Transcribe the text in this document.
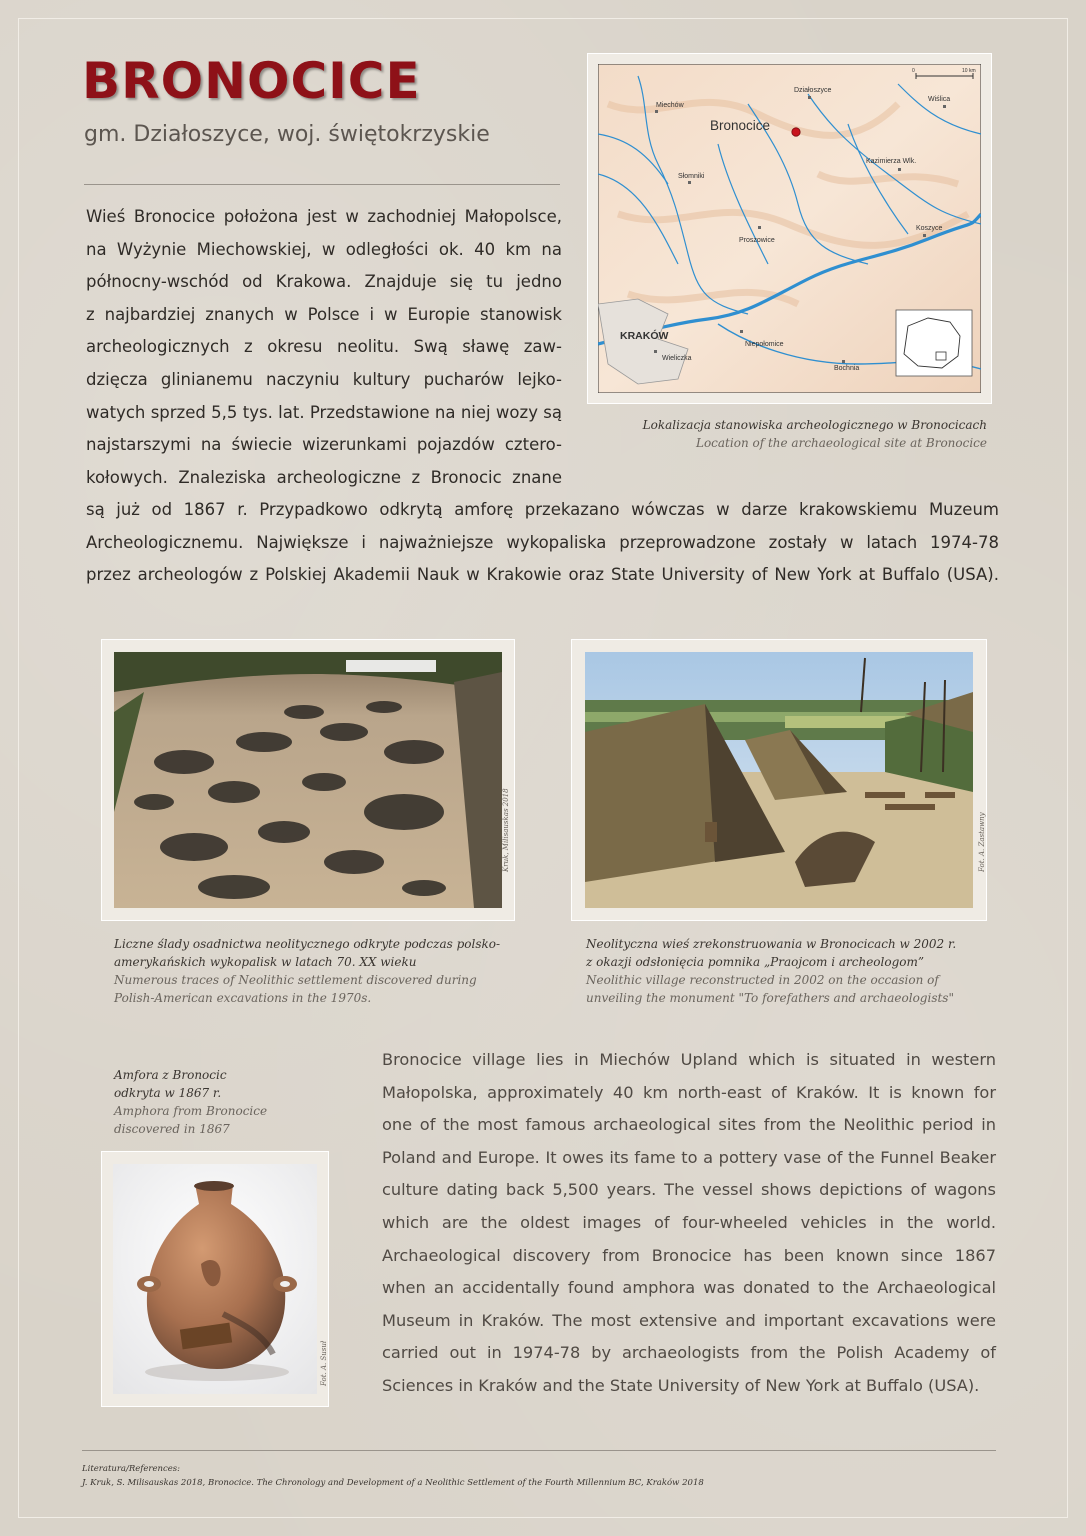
BRONOCICE
gm. Działoszyce, woj. świętokrzyskie
Wieś Bronocice położona jest w zachodniej Małopolsce,
na Wyżynie Miechowskiej, w odległości ok. 40 km na
północny-wschód od Krakowa. Znajduje się tu jedno
z najbardziej znanych w Polsce i w Europie stanowisk
archeologicznych z okresu neolitu. Swą sławę zaw-
dzięcza glinianemu naczyniu kultury pucharów lejko-
watych sprzed 5,5 tys. lat. Przedstawione na niej wozy są
najstarszymi na świecie wizerunkami pojazdów cztero-
kołowych. Znaleziska archeologiczne z Bronocic znane
są już od 1867 r. Przypadkowo odkrytą amforę przekazano wówczas w darze krakowskiemu Muzeum
Archeologicznemu. Największe i najważniejsze wykopaliska przeprowadzone zostały w latach 1974-78
przez archeologów z Polskiej Akademii Nauk w Krakowie oraz State University of New York at Buffalo (USA).
0	10 km
Miechów
Działoszyce
Wiślica
Kazimierza Wlk.
Słomniki
Proszowice
Koszyce
Niepołomice
Wieliczka
Bochnia
KRAKÓW
Bronocice
Lokalizacja stanowiska archeologicznego w Bronocicach
Location of the archaeological site at Bronocice
Kruk, Milisauskas 2018
Liczne ślady osadnictwa neolitycznego odkryte podczas polsko-
amerykańskich wykopalisk w latach 70. XX wieku
Numerous traces of Neolithic settlement discovered during
Polish-American excavations in the 1970s.
Fot. A. Zastawny
Neolityczna wieś zrekonstruowania w Bronocicach w 2002 r.
z okazji odsłonięcia pomnika „Praojcom i archeologom”
Neolithic village reconstructed in 2002 on the occasion of
unveiling the monument "To forefathers and archaeologists"
Amfora z Bronocic
odkryta w 1867 r.
Amphora from Bronocice
discovered in 1867
Fot. A. Susuł
Bronocice village lies in Miechów Upland which is situated in western
Małopolska, approximately 40 km north-east of Kraków. It is known for
one of the most famous archaeological sites from the Neolithic period in
Poland and Europe. It owes its fame to a pottery vase of the Funnel Beaker
culture dating back 5,500 years. The vessel shows depictions of wagons
which are the oldest images of four-wheeled vehicles in the world.
Archaeological discovery from Bronocice has been known since 1867
when an accidentally found amphora was donated to the Archaeological
Museum in Kraków. The most extensive and important excavations were
carried out in 1974-78 by archaeologists from the Polish Academy of
Sciences in Kraków and the State University of New York at Buffalo (USA).
Literatura/References:
J. Kruk, S. Milisauskas 2018, Bronocice. The Chronology and Development of a Neolithic Settlement of the Fourth Millennium BC, Kraków 2018
